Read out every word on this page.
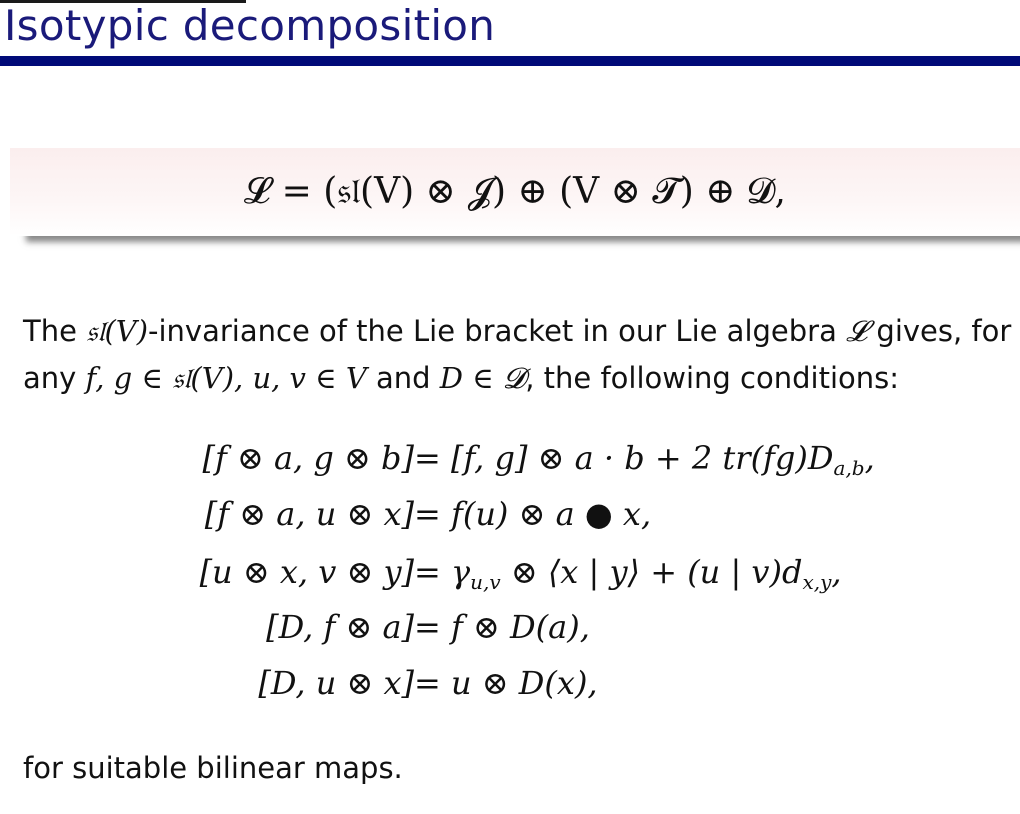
Isotypic decomposition
𝓛 = (𝔰𝔩(V) ⊗ 𝓙) ⊕ (V ⊗ 𝓣) ⊕ 𝓓,

The 𝔰𝔩(V)-invariance of the Lie bracket in our Lie algebra 𝓛 gives, for any f, g ∈ 𝔰𝔩(V), u, v ∈ V and D ∈ 𝓓, the following conditions:

[f ⊗ a, g ⊗ b] = [f, g] ⊗ a · b + 2 $tr(fg)D_{a,b}$,
[f ⊗ a, u ⊗ x] = f(u) ⊗ a ● x,
[u ⊗ x, v ⊗ $y] = \gamma_{u,v}$ ⊗ ⟨x | y⟩ + (u | $v)d_{x,y}$,
[D, f ⊗ a] = f ⊗ D(a),
[D, u ⊗ x] = u ⊗ D(x),

for suitable bilinear maps.
